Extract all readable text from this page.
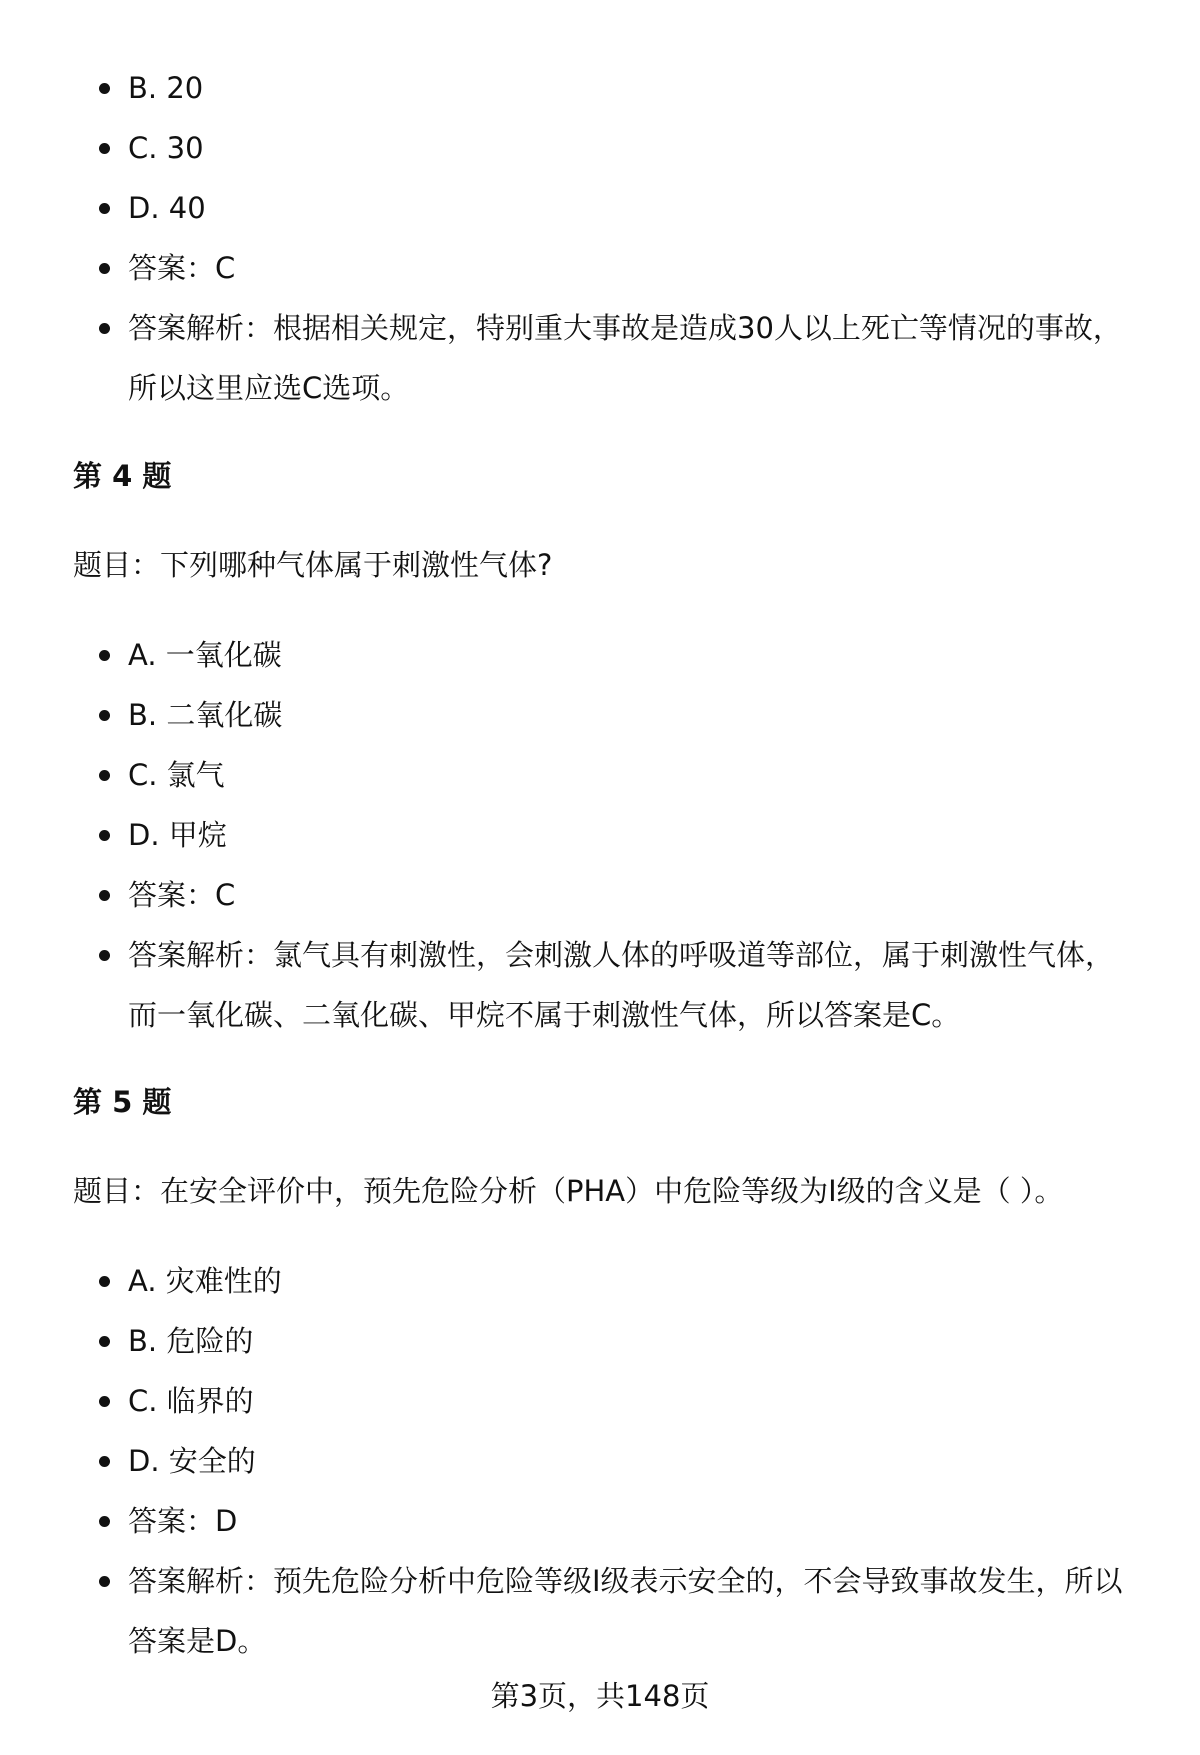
B. 20
C. 30
D. 40
答案：C
答案解析：根据相关规定，特别重大事故是造成30人以上死亡等情况的事故，所以这里应选C选项。
第 4 题
题目：下列哪种气体属于刺激性气体?
A. 一氧化碳
B. 二氧化碳
C. 氯气
D. 甲烷
答案：C
答案解析：氯气具有刺激性，会刺激人体的呼吸道等部位，属于刺激性气体，而一氧化碳、二氧化碳、甲烷不属于刺激性气体，所以答案是C。
第 5 题
题目：在安全评价中，预先危险分析（PHA）中危险等级为Ⅰ级的含义是（ ）。
A. 灾难性的
B. 危险的
C. 临界的
D. 安全的
答案：D
答案解析：预先危险分析中危险等级Ⅰ级表示安全的，不会导致事故发生，所以答案是D。
第3页，共148页
